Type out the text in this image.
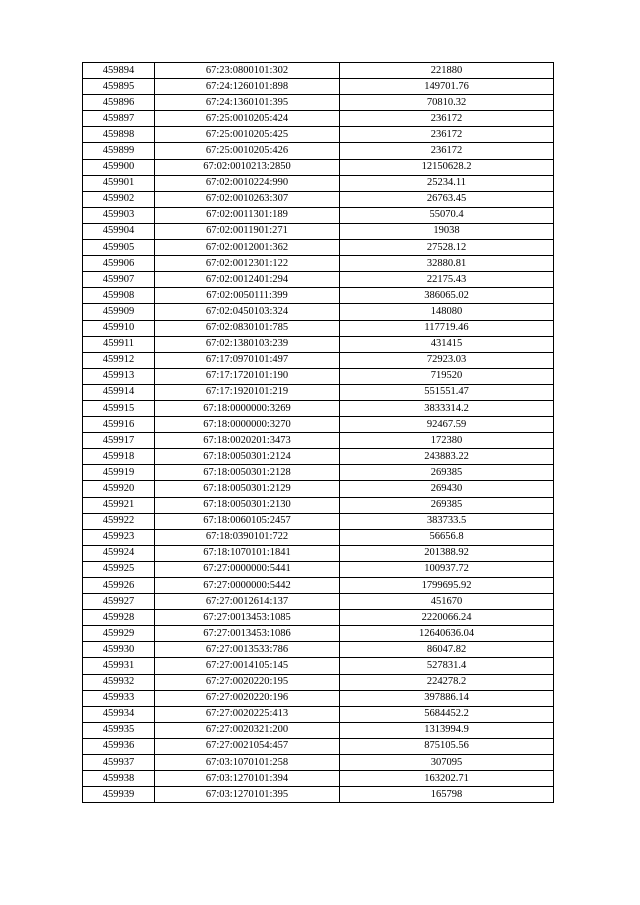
459894	67:23:0800101:302	221880
459895	67:24:1260101:898	149701.76
459896	67:24:1360101:395	70810.32
459897	67:25:0010205:424	236172
459898	67:25:0010205:425	236172
459899	67:25:0010205:426	236172
459900	67:02:0010213:2850	12150628.2
459901	67:02:0010224:990	25234.11
459902	67:02:0010263:307	26763.45
459903	67:02:0011301:189	55070.4
459904	67:02:0011901:271	19038
459905	67:02:0012001:362	27528.12
459906	67:02:0012301:122	32880.81
459907	67:02:0012401:294	22175.43
459908	67:02:0050111:399	386065.02
459909	67:02:0450103:324	148080
459910	67:02:0830101:785	117719.46
459911	67:02:1380103:239	431415
459912	67:17:0970101:497	72923.03
459913	67:17:1720101:190	719520
459914	67:17:1920101:219	551551.47
459915	67:18:0000000:3269	3833314.2
459916	67:18:0000000:3270	92467.59
459917	67:18:0020201:3473	172380
459918	67:18:0050301:2124	243883.22
459919	67:18:0050301:2128	269385
459920	67:18:0050301:2129	269430
459921	67:18:0050301:2130	269385
459922	67:18:0060105:2457	383733.5
459923	67:18:0390101:722	56656.8
459924	67:18:1070101:1841	201388.92
459925	67:27:0000000:5441	100937.72
459926	67:27:0000000:5442	1799695.92
459927	67:27:0012614:137	451670
459928	67:27:0013453:1085	2220066.24
459929	67:27:0013453:1086	12640636.04
459930	67:27:0013533:786	86047.82
459931	67:27:0014105:145	527831.4
459932	67:27:0020220:195	224278.2
459933	67:27:0020220:196	397886.14
459934	67:27:0020225:413	5684452.2
459935	67:27:0020321:200	1313994.9
459936	67:27:0021054:457	875105.56
459937	67:03:1070101:258	307095
459938	67:03:1270101:394	163202.71
459939	67:03:1270101:395	165798
